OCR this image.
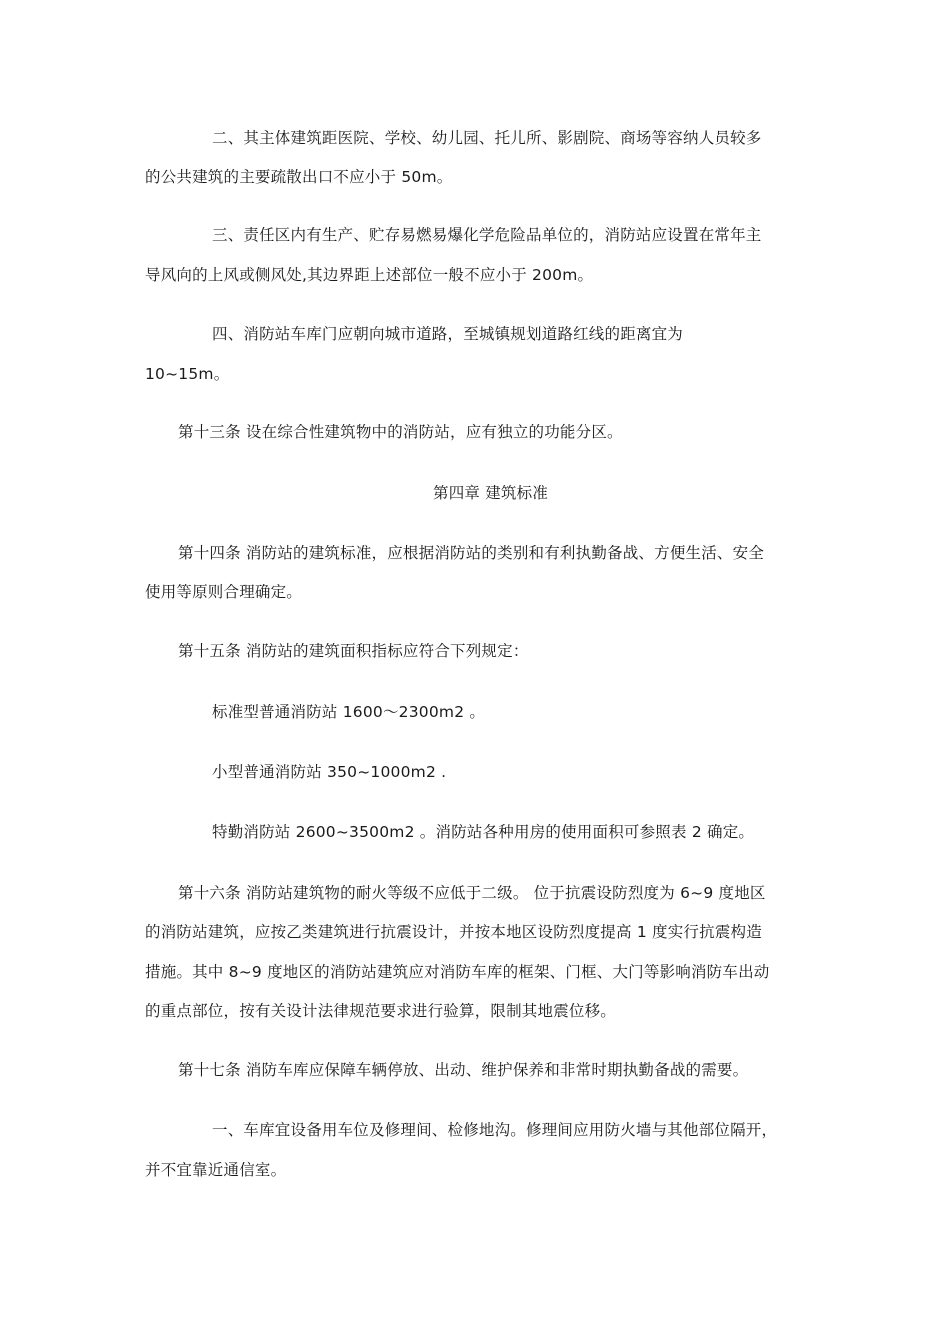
二、其主体建筑距医院、学校、幼儿园、托儿所、影剧院、商场等容纳人员较多
的公共建筑的主要疏散出口不应小于 50m。
三、责任区内有生产、贮存易燃易爆化学危险品单位的，消防站应设置在常年主
导风向的上风或侧风处,其边界距上述部位一般不应小于 200m。
四、消防站车库门应朝向城市道路，至城镇规划道路红线的距离宜为
10~15m。
第十三条 设在综合性建筑物中的消防站，应有独立的功能分区。
第四章 建筑标准
第十四条 消防站的建筑标准，应根据消防站的类别和有利执勤备战、方便生活、安全
使用等原则合理确定。
第十五条 消防站的建筑面积指标应符合下列规定：
标准型普通消防站 1600～2300m2 。
小型普通消防站 350~1000m2 .
特勤消防站 2600~3500m2 。消防站各种用房的使用面积可参照表 2 确定。
第十六条 消防站建筑物的耐火等级不应低于二级。 位于抗震设防烈度为 6~9 度地区
的消防站建筑，应按乙类建筑进行抗震设计，并按本地区设防烈度提高 1 度实行抗震构造
措施。其中 8~9 度地区的消防站建筑应对消防车库的框架、门框、大门等影响消防车出动
的重点部位，按有关设计法律规范要求进行验算，限制其地震位移。
第十七条 消防车库应保障车辆停放、出动、维护保养和非常时期执勤备战的需要。
一、车库宜设备用车位及修理间、检修地沟。修理间应用防火墙与其他部位隔开，
并不宜靠近通信室。
